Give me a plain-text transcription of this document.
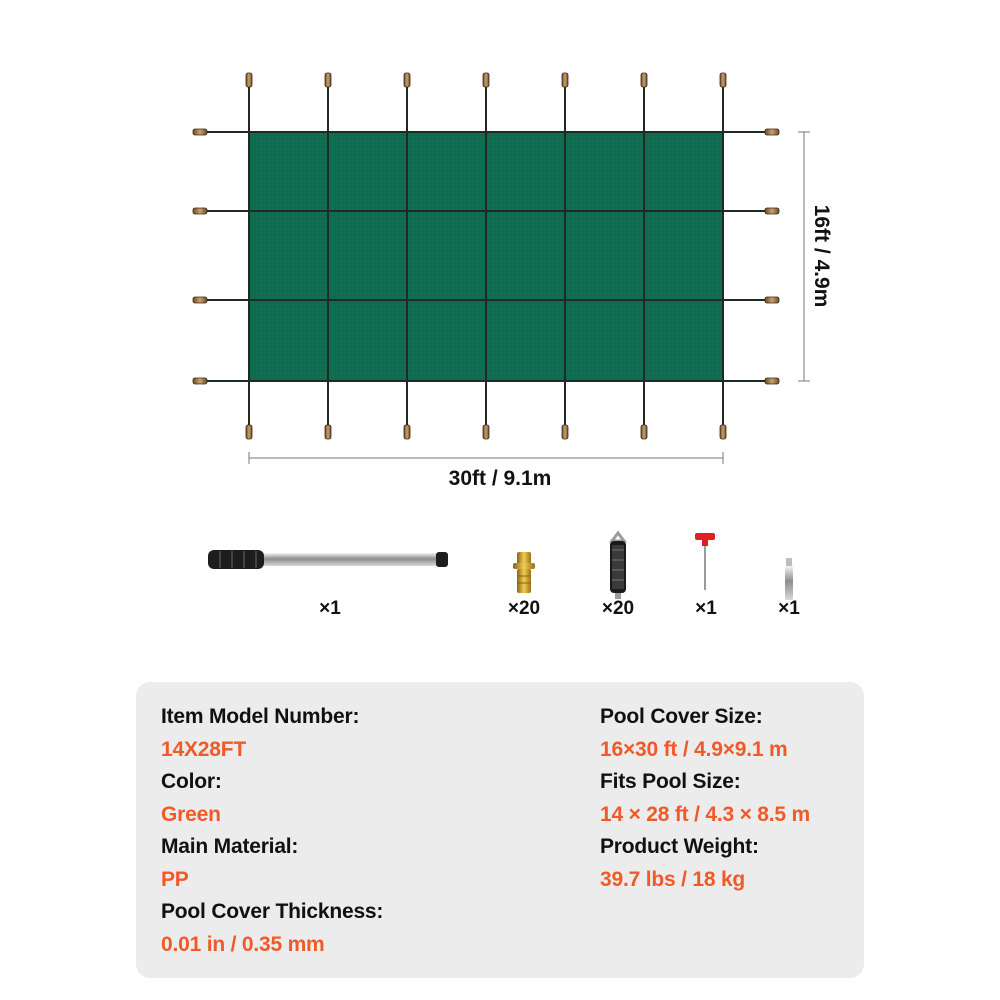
30ft / 9.1m
16ft / 4.9m
×1	×20	×20	×1	×1
Item Model Number:
14X28FT
Color:
Green
Main Material:
PP
Pool Cover Thickness:
0.01 in / 0.35 mm
Pool Cover Size:
16×30 ft / 4.9×9.1 m
Fits Pool Size:
14 × 28 ft / 4.3 × 8.5 m
Product Weight:
39.7 lbs / 18 kg
